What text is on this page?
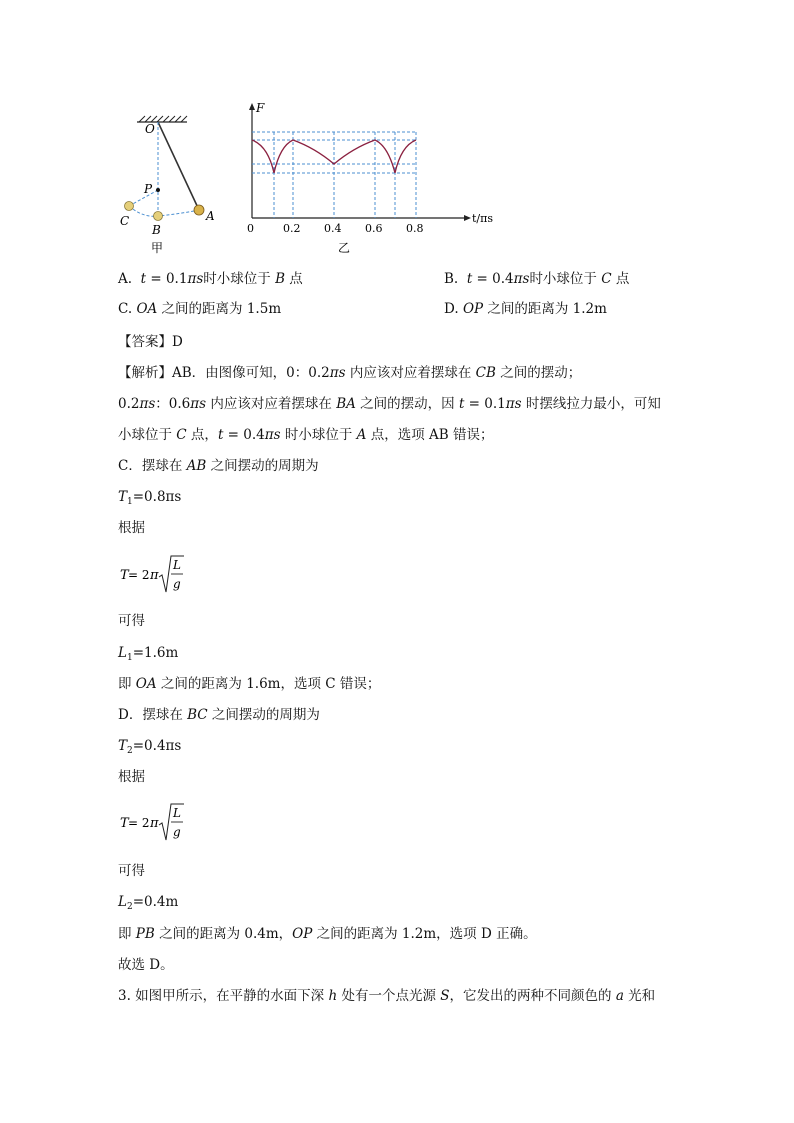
O
P
C
B
A
甲
F
t/πs
0	0.2 0.4 0.6 0.8
乙
A. t = 0.1πs时小球位于 B 点	B. t = 0.4πs时小球位于 C 点
C. OA 之间的距离为 1.5m	D. OP 之间的距离为 1.2m
【答案】D
【解析】AB．由图像可知，0：0.2πs 内应该对应着摆球在 CB 之间的摆动；
0.2πs：0.6πs 内应该对应着摆球在 BA 之间的摆动，因 t = 0.1πs 时摆线拉力最小，可知
小球位于 C 点，t = 0.4πs 时小球位于 A 点，选项 AB 错误；
C．摆球在 AB 之间摆动的周期为
$T_1=0.8\pi s$
根据
T = 2 π
L
g
可得
$L_1=1.6m$
即 OA 之间的距离为 1.6m，选项 C 错误；
D．摆球在 BC 之间摆动的周期为
$T_2=0.4\pi s$
根据
T = 2 π
L
g
可得
$L_2=0.4m$
即 PB 之间的距离为 0.4m，OP 之间的距离为 1.2m，选项 D 正确。
故选 D。
3. 如图甲所示，在平静的水面下深 h 处有一个点光源 S，它发出的两种不同颜色的 a 光和
